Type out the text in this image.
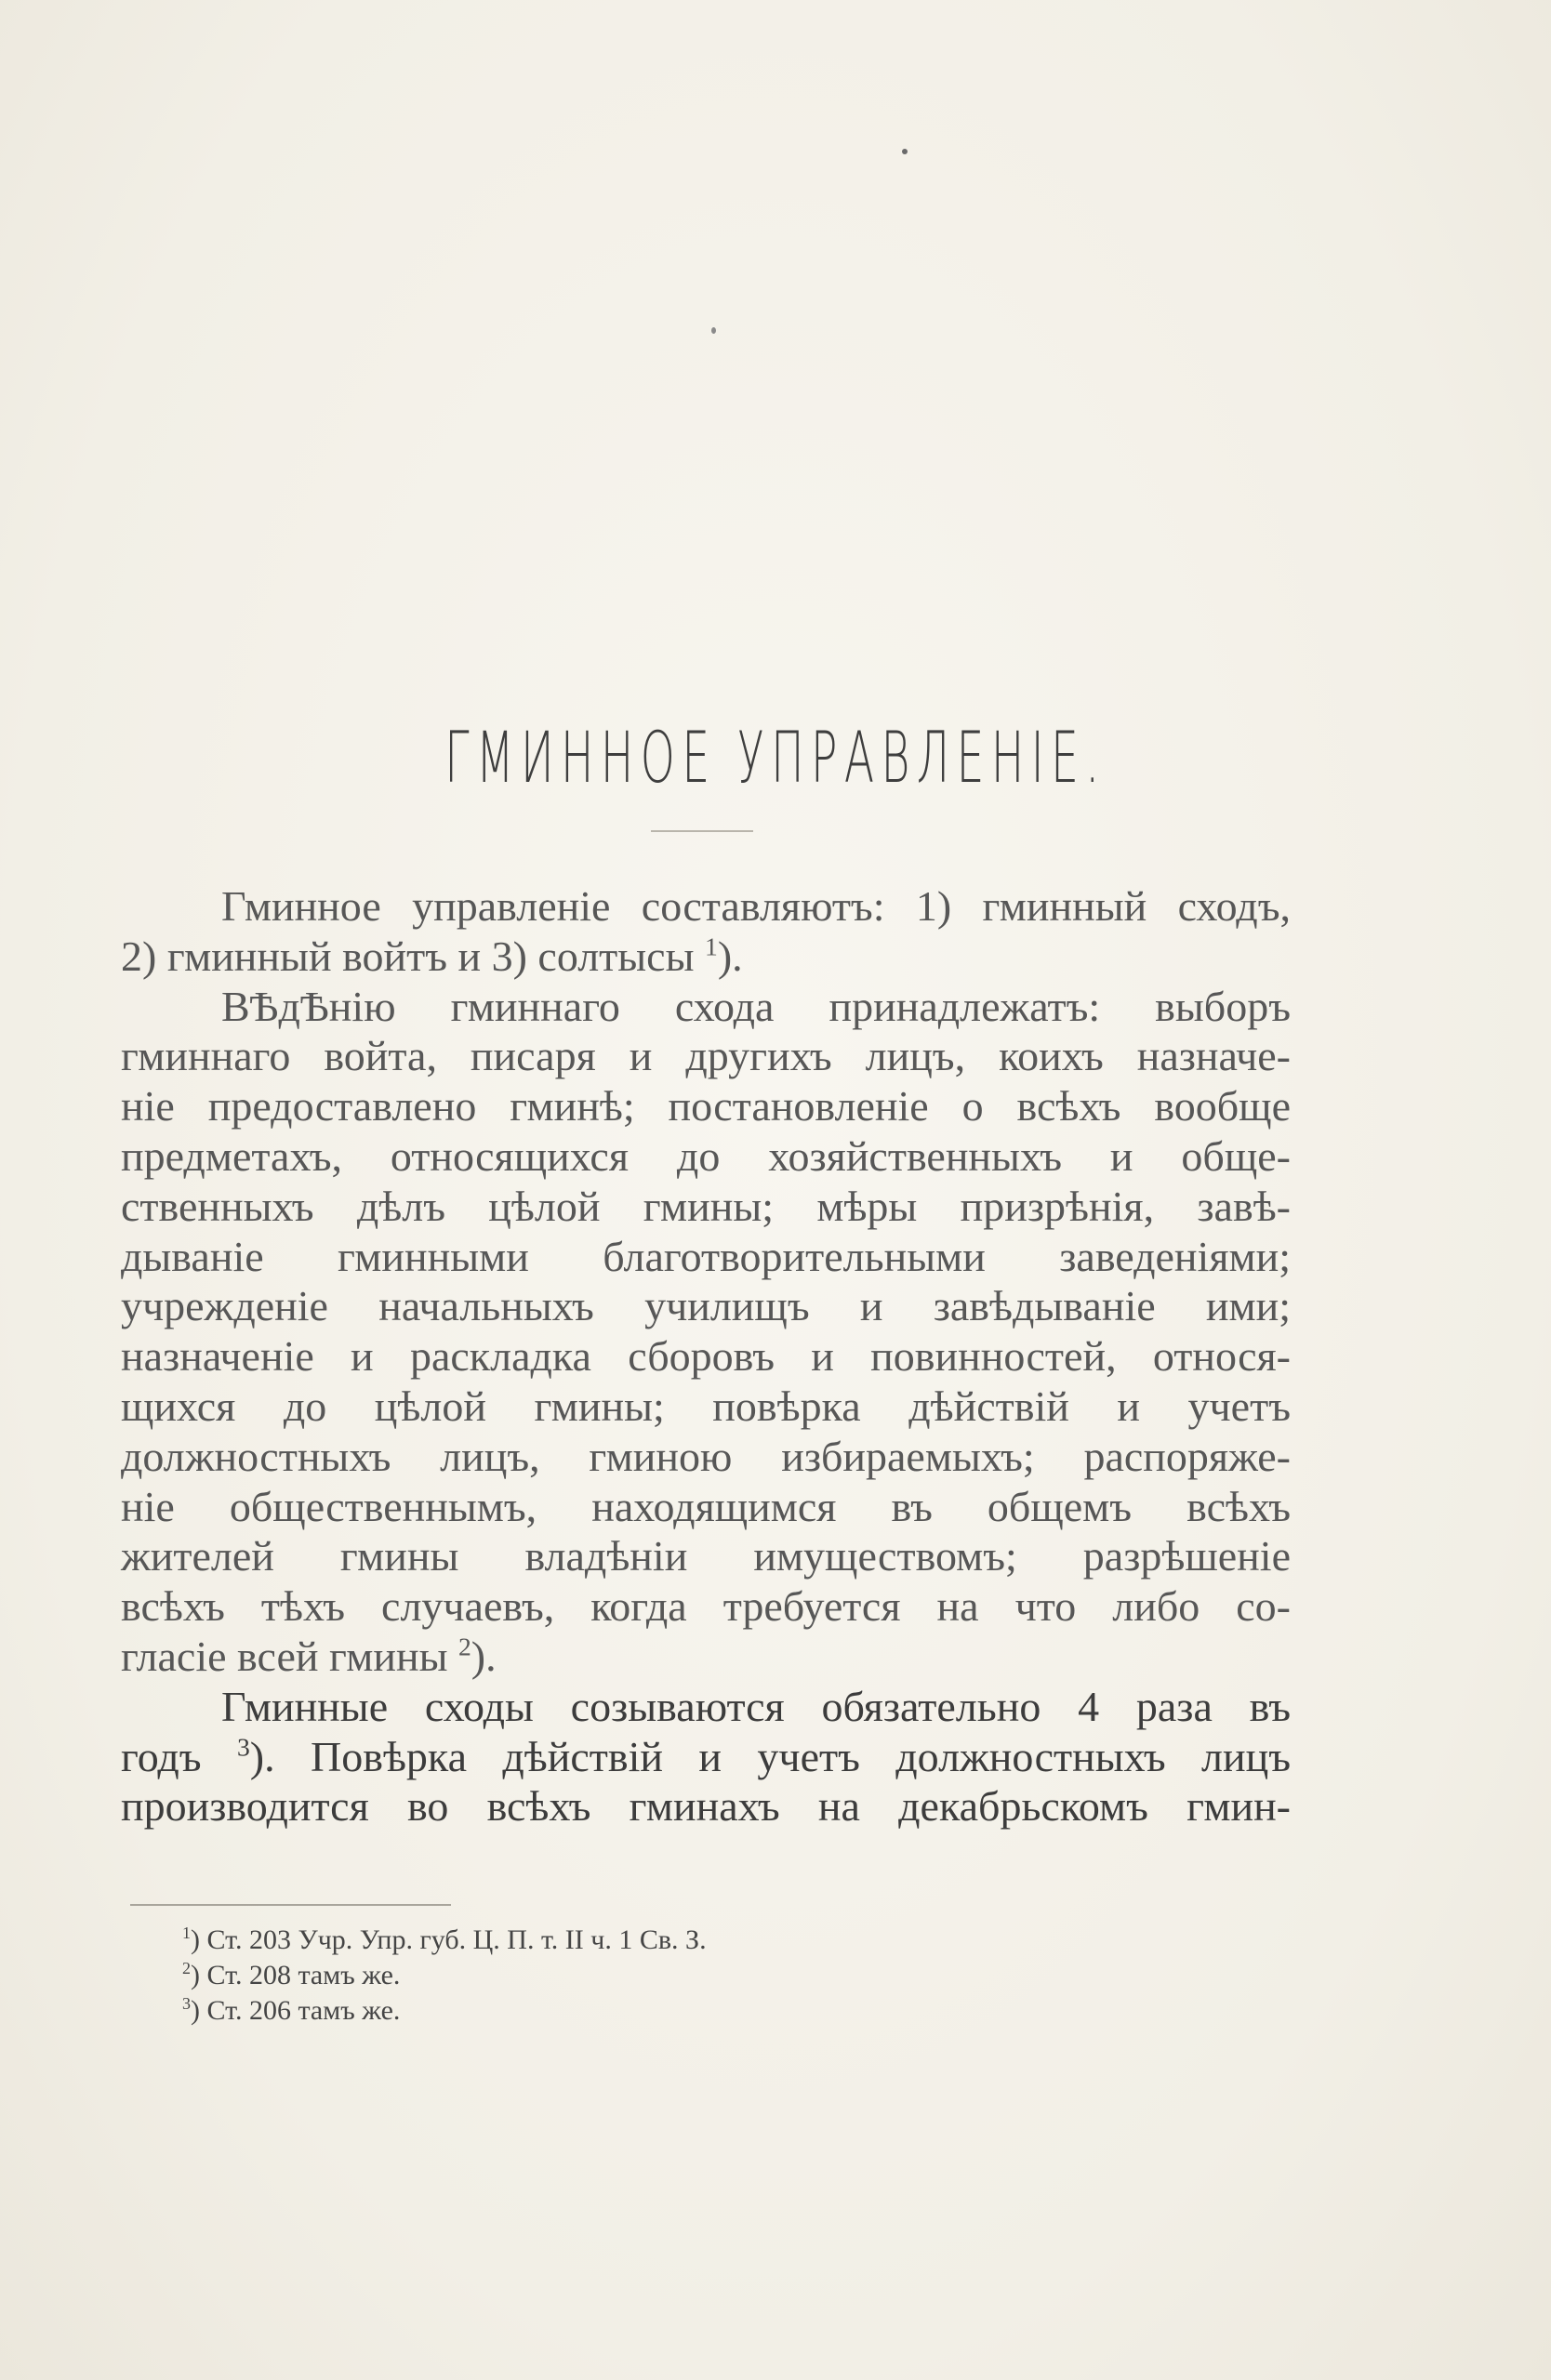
ГМИННОЕ УПРАВЛЕНIЕ.
Гминное управленiе составляютъ: 1) гминный сходъ,
2) гминный войтъ и 3) солтысы $^1$).
ВѢдѢнiю гминнаго схода принадлежатъ: выборъ
гминнаго войта, писаря и другихъ лицъ, коихъ назначе-
нiе предоставлено гминѣ; постановленiе о всѣхъ вообще
предметахъ, относящихся до хозяйственныхъ и обще-
ственныхъ дѣлъ цѣлой гмины; мѣры призрѣнiя, завѣ-
дыванiе гминными благотворительными заведенiями;
учрежденiе начальныхъ училищъ и завѣдыванiе ими;
назначенiе и раскладка сборовъ и повинностей, относя-
щихся до цѣлой гмины; повѣрка дѣйствiй и учетъ
должностныхъ лицъ, гминою избираемыхъ; распоряже-
нiе общественнымъ, находящимся въ общемъ всѣхъ
жителей гмины владѣнiи имуществомъ; разрѣшенiе
всѣхъ тѣхъ случаевъ, когда требуется на что либо со-
гласiе всей гмины $^2$).
Гминные сходы созываются обязательно 4 раза въ
годъ $^3$). Повѣрка дѣйствiй и учетъ должностныхъ лицъ
производится во всѣхъ гминахъ на декабрьскомъ гмин-
$^1$) Ст. 203 Учр. Упр. губ. Ц. П. т. II ч. 1 Св. З.
$^2$) Ст. 208 тамъ же.
$^3$) Ст. 206 тамъ же.
